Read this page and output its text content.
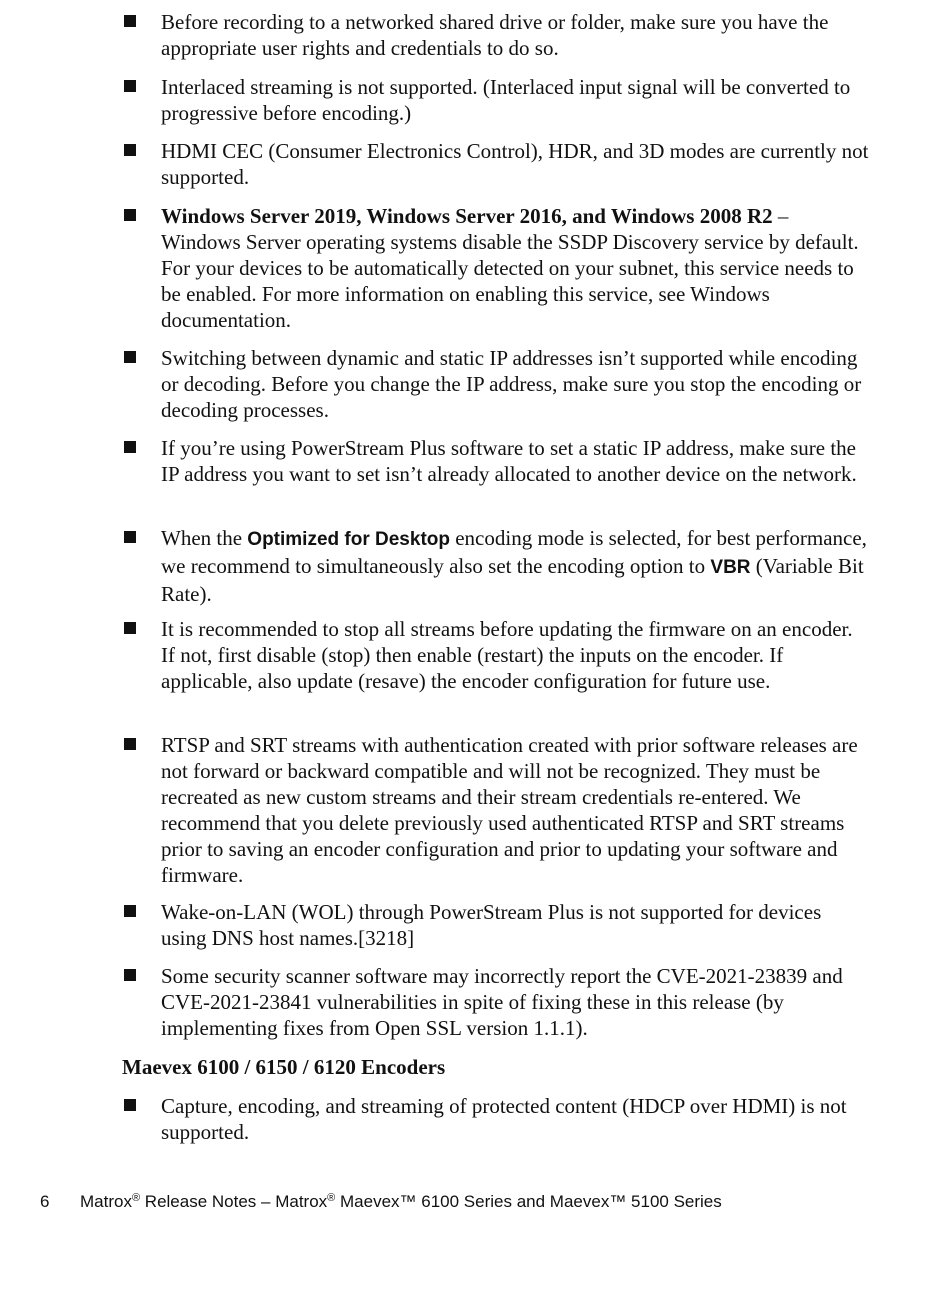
Before recording to a networked shared drive or folder, make sure you have the appropriate user rights and credentials to do so.

Interlaced streaming is not supported. (Interlaced input signal will be converted to progressive before encoding.)

HDMI CEC (Consumer Electronics Control), HDR, and 3D modes are currently not supported.

Windows Server 2019, Windows Server 2016, and Windows 2008 R2 – Windows Server operating systems disable the SSDP Discovery service by default. For your devices to be automatically detected on your subnet, this service needs to be enabled. For more information on enabling this service, see Windows documentation.

Switching between dynamic and static IP addresses isn’t supported while encoding or decoding. Before you change the IP address, make sure you stop the encoding or decoding processes.

If you’re using PowerStream Plus software to set a static IP address, make sure the IP address you want to set isn’t already allocated to another device on the network.

When the Optimized for Desktop encoding mode is selected, for best performance, we recommend to simultaneously also set the encoding option to VBR (Variable Bit Rate).

It is recommended to stop all streams before updating the firmware on an encoder. If not, first disable (stop) then enable (restart) the inputs on the encoder. If applicable, also update (resave) the encoder configuration for future use.

RTSP and SRT streams with authentication created with prior software releases are not forward or backward compatible and will not be recognized. They must be recreated as new custom streams and their stream credentials re-entered. We recommend that you delete previously used authenticated RTSP and SRT streams prior to saving an encoder configuration and prior to updating your software and firmware.

Wake-on-LAN (WOL) through PowerStream Plus is not supported for devices using DNS host names.[3218]

Some security scanner software may incorrectly report the CVE-2021-23839 and CVE-2021-23841 vulnerabilities in spite of fixing these in this release (by implementing fixes from Open SSL version 1.1.1).

Maevex 6100 / 6150 / 6120 Encoders

Capture, encoding, and streaming of protected content (HDCP over HDMI) is not supported.

6 Matrox® Release Notes – Matrox® Maevex™ 6100 Series and Maevex™ 5100 Series
